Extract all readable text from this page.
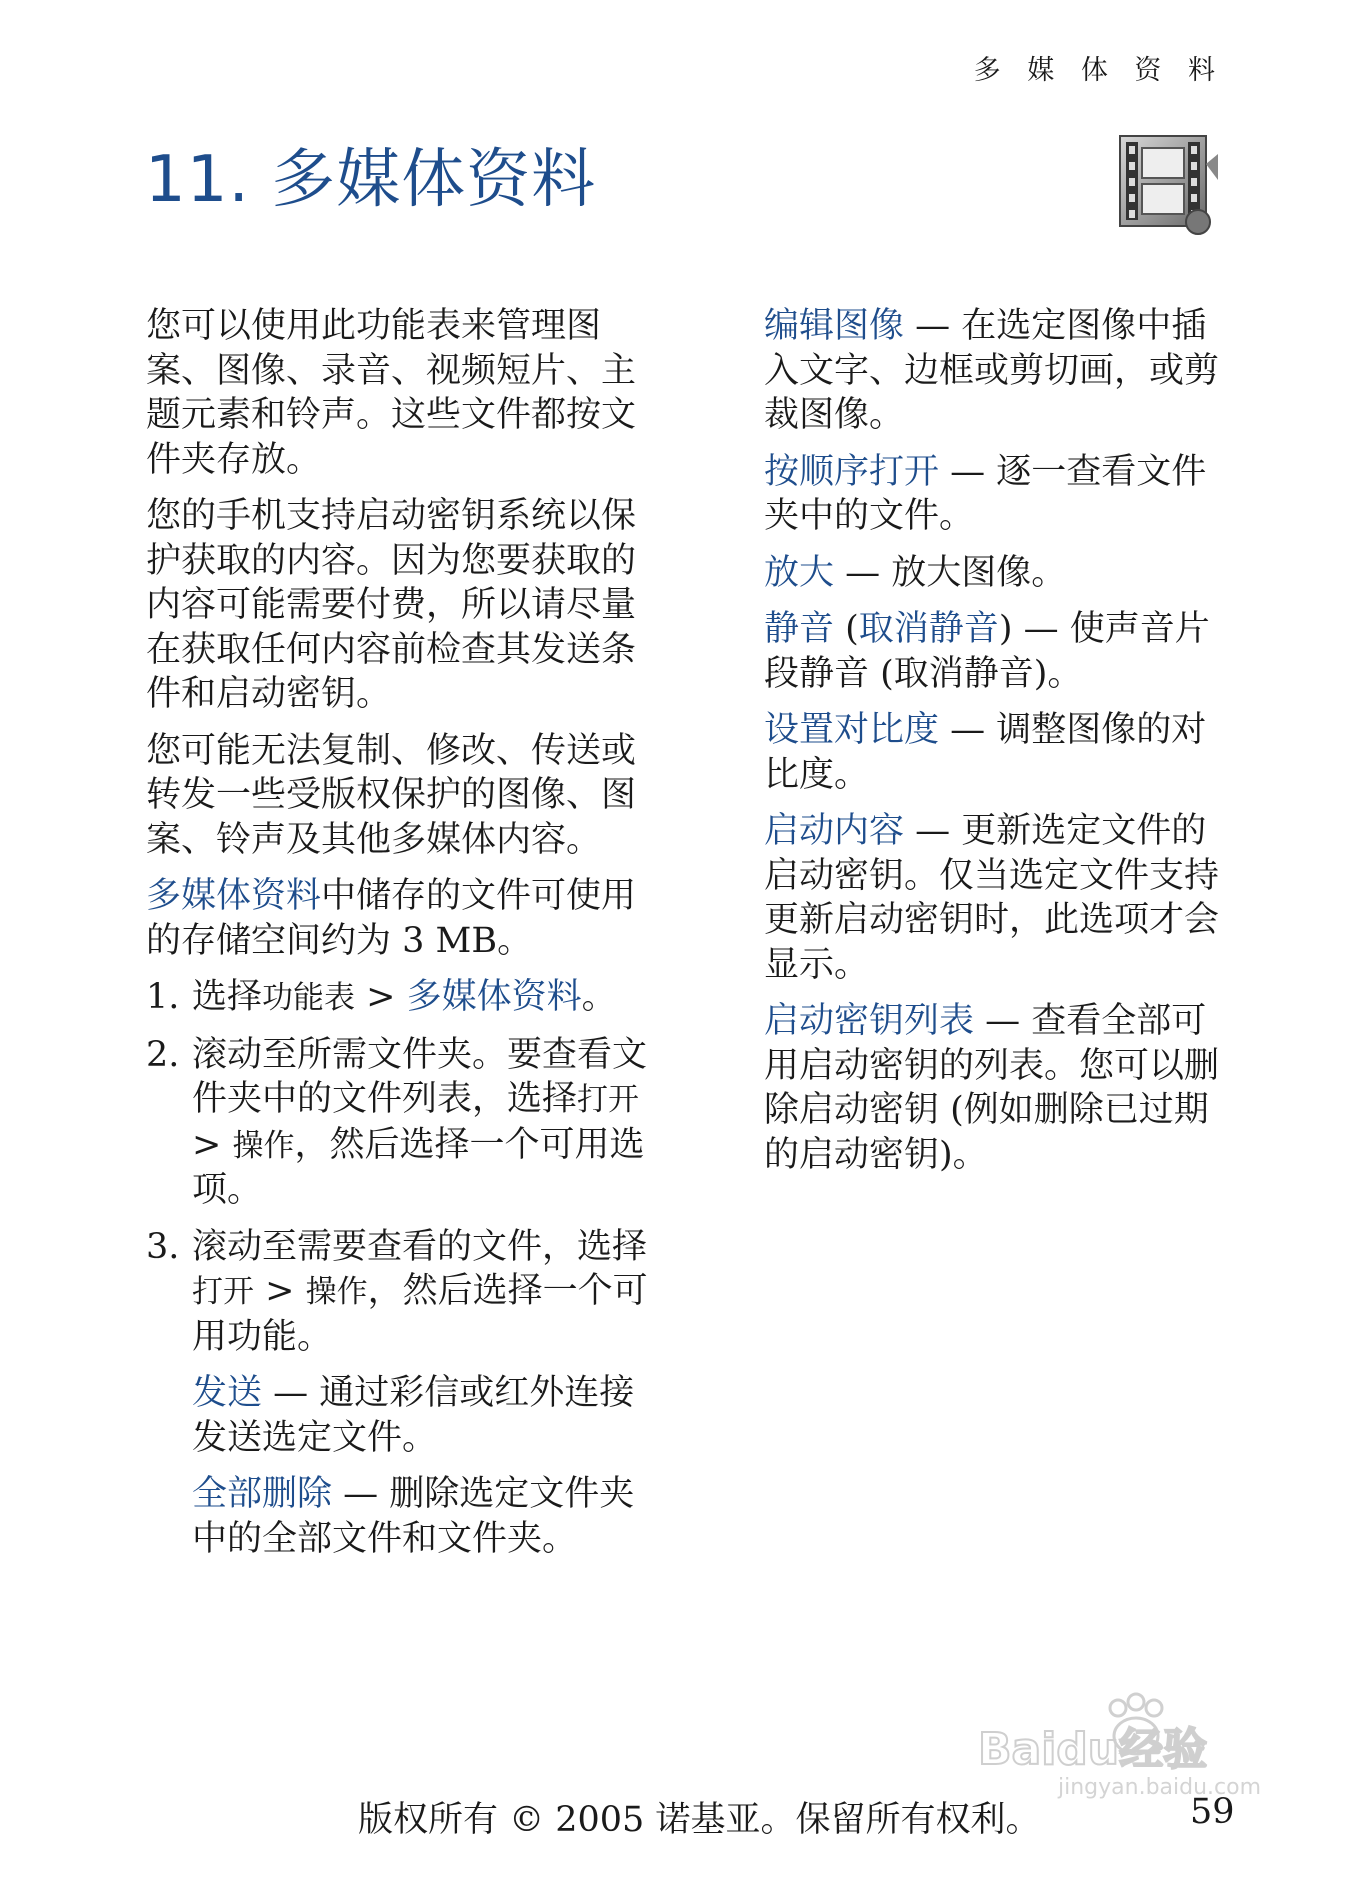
多 媒 体 资 料
11. 多媒体资料

您可以使用此功能表来管理图案、图像、录音、视频短片、主题元素和铃声。这些文件都按文件夹存放。

您的手机支持启动密钥系统以保护获取的内容。因为您要获取的内容可能需要付费，所以请尽量在获取任何内容前检查其发送条件和启动密钥。

您可能无法复制、修改、传送或转发一些受版权保护的图像、图案、铃声及其他多媒体内容。

多媒体资料中储存的文件可使用的存储空间约为 3 MB。

1. 选择功能表 > 多媒体资料。
2. 滚动至所需文件夹。要查看文件夹中的文件列表，选择打开 > 操作，然后选择一个可用选项。
3. 滚动至需要查看的文件，选择打开 > 操作，然后选择一个可用功能。

发送 — 通过彩信或红外连接发送选定文件。

全部删除 — 删除选定文件夹中的全部文件和文件夹。

编辑图像 — 在选定图像中插入文字、边框或剪切画，或剪裁图像。

按顺序打开 — 逐一查看文件夹中的文件。

放大 — 放大图像。

静音 (取消静音) — 使声音片段静音 (取消静音)。

设置对比度 — 调整图像的对比度。

启动内容 — 更新选定文件的启动密钥。仅当选定文件支持更新启动密钥时，此选项才会显示。

启动密钥列表 — 查看全部可用启动密钥的列表。您可以删除启动密钥 (例如删除已过期的启动密钥)。

Baidu经验
jingyan.baidu.com
版权所有 © 2005 诺基亚。保留所有权利。	59
